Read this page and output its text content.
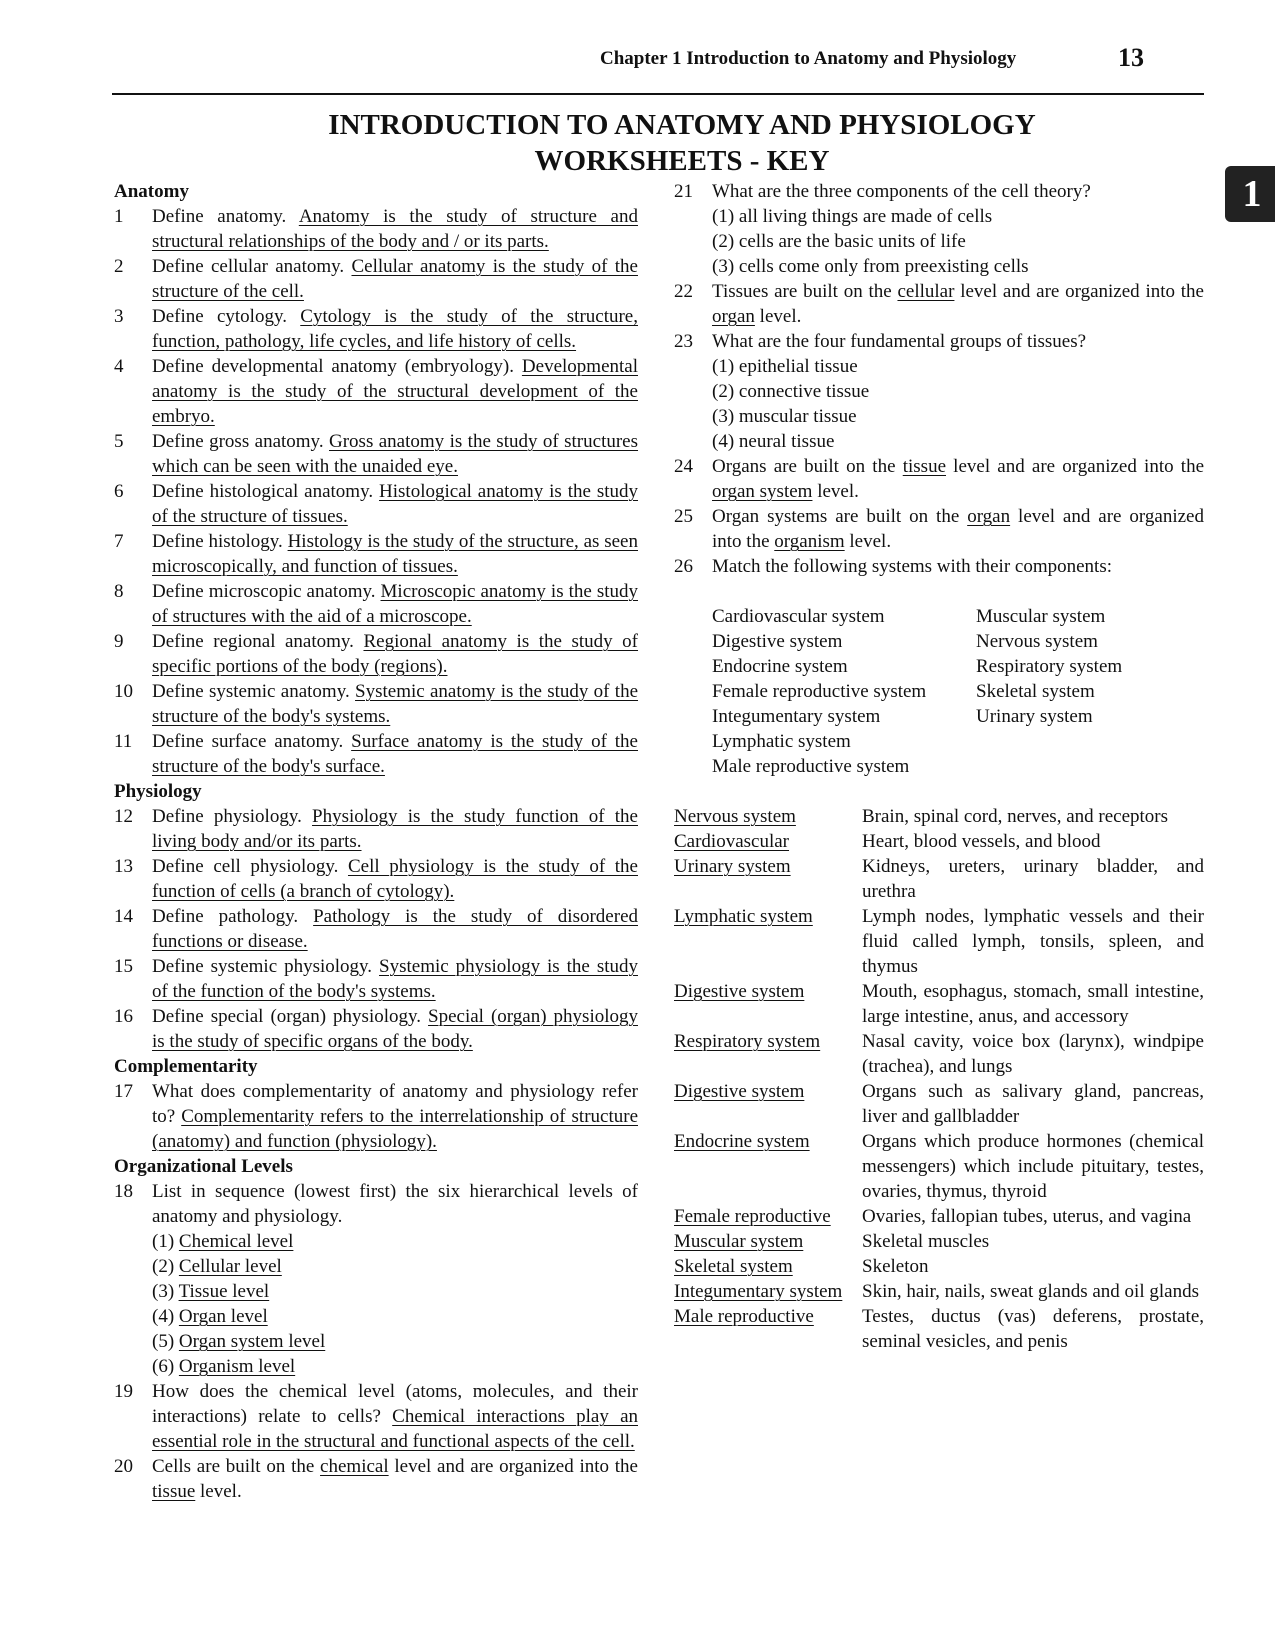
Chapter 1 Introduction to Anatomy and Physiology	13
1
INTRODUCTION TO ANATOMY AND PHYSIOLOGY
WORKSHEETS - KEY
Anatomy
1	Define anatomy. Anatomy is the study of structure and structural relationships of the body and / or its parts.
2	Define cellular anatomy. Cellular anatomy is the study of the structure of the cell.
3	Define cytology. Cytology is the study of the structure, function, pathology, life cycles, and life history of cells.
4	Define developmental anatomy (embryology). Developmental anatomy is the study of the structural development of the embryo.
5	Define gross anatomy. Gross anatomy is the study of structures which can be seen with the unaided eye.
6	Define histological anatomy. Histological anatomy is the study of the structure of tissues.
7	Define histology. Histology is the study of the structure, as seen microscopically, and function of tissues.
8	Define microscopic anatomy. Microscopic anatomy is the study of structures with the aid of a microscope.
9	Define regional anatomy. Regional anatomy is the study of specific portions of the body (regions).
10	Define systemic anatomy. Systemic anatomy is the study of the structure of the body's systems.
11	Define surface anatomy. Surface anatomy is the study of the structure of the body's surface.
Physiology
12	Define physiology. Physiology is the study function of the living body and/or its parts.
13	Define cell physiology. Cell physiology is the study of the function of cells (a branch of cytology).
14	Define pathology. Pathology is the study of disordered functions or disease.
15	Define systemic physiology. Systemic physiology is the study of the function of the body's systems.
16	Define special (organ) physiology. Special (organ) physiology is the study of specific organs of the body.
Complementarity
17	What does complementarity of anatomy and physiology refer to? Complementarity refers to the interrelationship of structure (anatomy) and function (physiology).
Organizational Levels
18	List in sequence (lowest first) the six hierarchical levels of anatomy and physiology.
(1) Chemical level
(2) Cellular level
(3) Tissue level
(4) Organ level
(5) Organ system level
(6) Organism level
19	How does the chemical level (atoms, molecules, and their interactions) relate to cells? Chemical interactions play an essential role in the structural and functional aspects of the cell.
20	Cells are built on the chemical level and are organized into the tissue level.
21	What are the three components of the cell theory?
(1) all living things are made of cells
(2) cells are the basic units of life
(3) cells come only from preexisting cells
22	Tissues are built on the cellular level and are organized into the organ level.
23	What are the four fundamental groups of tissues?
(1) epithelial tissue
(2) connective tissue
(3) muscular tissue
(4) neural tissue
24	Organs are built on the tissue level and are organized into the organ system level.
25	Organ systems are built on the organ level and are organized into the organism level.
26	Match the following systems with their components:
Cardiovascular system
Digestive system
Endocrine system
Female reproductive system
Integumentary system
Lymphatic system
Male reproductive system
Muscular system
Nervous system
Respiratory system
Skeletal system
Urinary system
Nervous system	Brain, spinal cord, nerves, and receptors
Cardiovascular	Heart, blood vessels, and blood
Urinary system	Kidneys, ureters, urinary bladder, and urethra
Lymphatic system	Lymph nodes, lymphatic vessels and their fluid called lymph, tonsils, spleen, and thymus
Digestive system	Mouth, esophagus, stomach, small intestine, large intestine, anus, and accessory
Respiratory system	Nasal cavity, voice box (larynx), windpipe (trachea), and lungs
Digestive system	Organs such as salivary gland, pancreas, liver and gallbladder
Endocrine system	Organs which produce hormones (chemical messengers) which include pituitary, testes, ovaries, thymus, thyroid
Female reproductive	Ovaries, fallopian tubes, uterus, and vagina
Muscular system	Skeletal muscles
Skeletal system	Skeleton
Integumentary system	Skin, hair, nails, sweat glands and oil glands
Male reproductive	Testes, ductus (vas) deferens, prostate, seminal vesicles, and penis
